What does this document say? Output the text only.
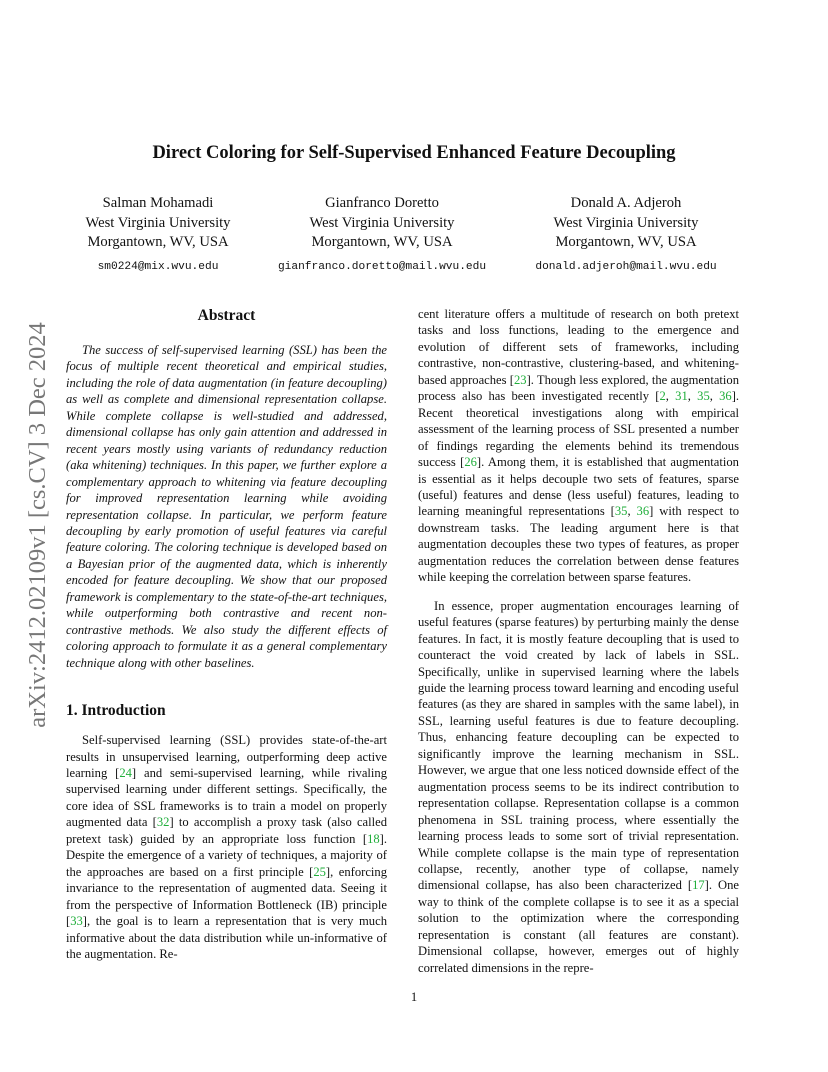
Direct Coloring for Self-Supervised Enhanced Feature Decoupling
Salman Mohamadi
West Virginia University
Morgantown, WV, USA
sm0224@mix.wvu.edu
Gianfranco Doretto
West Virginia University
Morgantown, WV, USA
gianfranco.doretto@mail.wvu.edu
Donald A. Adjeroh
West Virginia University
Morgantown, WV, USA
donald.adjeroh@mail.wvu.edu
arXiv:2412.02109v1 [cs.CV] 3 Dec 2024
Abstract

The success of self-supervised learning (SSL) has been the focus of multiple recent theoretical and empirical studies, including the role of data augmentation (in feature decoupling) as well as complete and dimensional representation collapse. While complete collapse is well-studied and addressed, dimensional collapse has only gain attention and addressed in recent years mostly using variants of redundancy reduction (aka whitening) techniques. In this paper, we further explore a complementary approach to whitening via feature decoupling for improved representation learning while avoiding representation collapse. In particular, we perform feature decoupling by early promotion of useful features via careful feature coloring. The coloring technique is developed based on a Bayesian prior of the augmented data, which is inherently encoded for feature decoupling. We show that our proposed framework is complementary to the state-of-the-art techniques, while outperforming both contrastive and recent non-contrastive methods. We also study the different effects of coloring approach to formulate it as a general complementary technique along with other baselines.

1. Introduction

Self-supervised learning (SSL) provides state-of-the-art results in unsupervised learning, outperforming deep active learning [24] and semi-supervised learning, while rivaling supervised learning under different settings. Specifically, the core idea of SSL frameworks is to train a model on properly augmented data [32] to accomplish a proxy task (also called pretext task) guided by an appropriate loss function [18]. Despite the emergence of a variety of techniques, a majority of the approaches are based on a first principle [25], enforcing invariance to the representation of augmented data. Seeing it from the perspective of Information Bottleneck (IB) principle [33], the goal is to learn a representation that is very much informative about the data distribution while un-informative of the augmentation. Re-

cent literature offers a multitude of research on both pretext tasks and loss functions, leading to the emergence and evolution of different sets of frameworks, including contrastive, non-contrastive, clustering-based, and whitening-based approaches [23]. Though less explored, the augmentation process also has been investigated recently [2, 31, 35, 36]. Recent theoretical investigations along with empirical assessment of the learning process of SSL presented a number of findings regarding the elements behind its tremendous success [26]. Among them, it is established that augmentation is essential as it helps decouple two sets of features, sparse (useful) features and dense (less useful) features, leading to learning meaningful representations [35, 36] with respect to downstream tasks. The leading argument here is that augmentation decouples these two types of features, as proper augmentation reduces the correlation between dense features while keeping the correlation between sparse features.

In essence, proper augmentation encourages learning of useful features (sparse features) by perturbing mainly the dense features. In fact, it is mostly feature decoupling that is used to counteract the void created by lack of labels in SSL. Specifically, unlike in supervised learning where the labels guide the learning process toward learning and encoding useful features (as they are shared in samples with the same label), in SSL, learning useful features is due to feature decoupling. Thus, enhancing feature decoupling can be expected to significantly improve the learning mechanism in SSL. However, we argue that one less noticed downside effect of the augmentation process seems to be its indirect contribution to representation collapse. Representation collapse is a common phenomena in SSL training process, where essentially the learning process leads to some sort of trivial representation. While complete collapse is the main type of representation collapse, recently, another type of collapse, namely dimensional collapse, has also been characterized [17]. One way to think of the complete collapse is to see it as a special solution to the optimization where the corresponding representation is constant (all features are constant). Dimensional collapse, however, emerges out of highly correlated dimensions in the repre-

1
